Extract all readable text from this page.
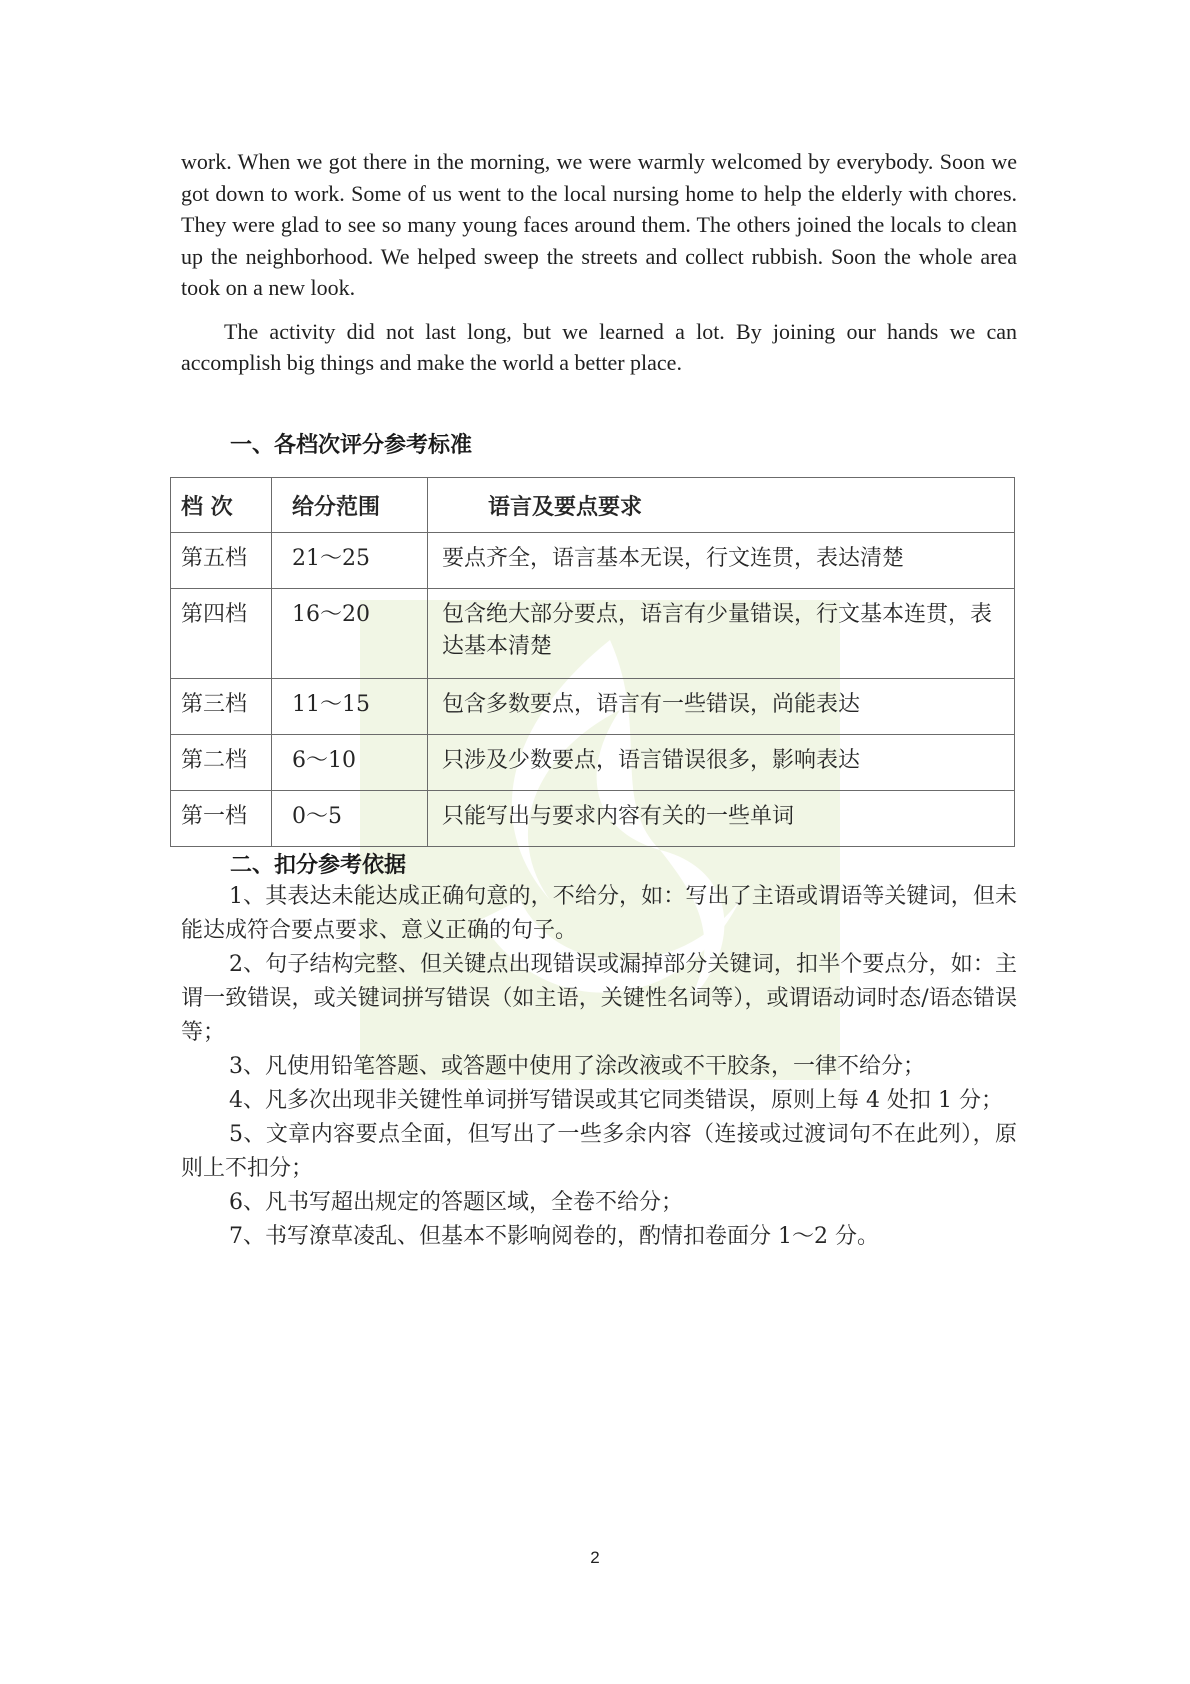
work. When we got there in the morning, we were warmly welcomed by everybody. Soon we got down to work. Some of us went to the local nursing home to help the elderly with chores. They were glad to see so many young faces around them. The others joined the locals to clean up the neighborhood. We helped sweep the streets and collect rubbish. Soon the whole area took on a new look.

The activity did not last long, but we learned a lot. By joining our hands we can accomplish big things and make the world a better place.

一、各档次评分参考标准
档 次	给分范围	语言及要点要求
第五档	21～25	要点齐全，语言基本无误，行文连贯，表达清楚
第四档	16～20	包含绝大部分要点，语言有少量错误，行文基本连贯，表达基本清楚
第三档	11～15	包含多数要点，语言有一些错误，尚能表达
第二档	6～10	只涉及少数要点，语言错误很多，影响表达
第一档	0～5	只能写出与要求内容有关的一些单词
二、扣分参考依据

1、其表达未能达成正确句意的，不给分，如：写出了主语或谓语等关键词，但未能达成符合要点要求、意义正确的句子。

2、句子结构完整、但关键点出现错误或漏掉部分关键词，扣半个要点分，如：主谓一致错误，或关键词拼写错误（如主语，关键性名词等），或谓语动词时态/语态错误等；

3、凡使用铅笔答题、或答题中使用了涂改液或不干胶条，一律不给分；

4、凡多次出现非关键性单词拼写错误或其它同类错误，原则上每 4 处扣 1 分；

5、文章内容要点全面，但写出了一些多余内容（连接或过渡词句不在此列），原则上不扣分；

6、凡书写超出规定的答题区域，全卷不给分；

7、书写潦草凌乱、但基本不影响阅卷的，酌情扣卷面分 1～2 分。

2
